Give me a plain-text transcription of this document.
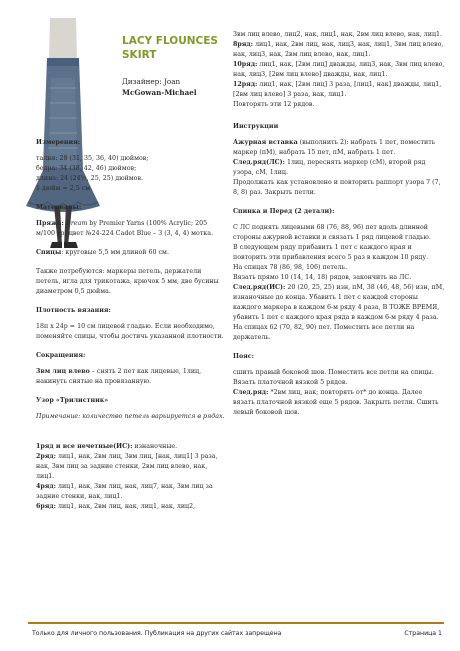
LACY FLOUNCES
SKIRT
Дизайнер: Joan
McGowan-Michael
Измерения:

талия: 28 (31, 35, 36, 40) дюймов;
бедра: 34 (38, 42, 46) дюймов;
длина: 24 (24½, 25, 25) дюймов.
1 дюйм = 2,5 см.

Материалы:

Пряжа: Dream by Premier Yarns (100% Acrylic; 205 м/100 гр) цвет №24-224 Cadet Blue – 3 (3, 4, 4) мотка.

Спицы: круговые 5,5 мм длиной 60 см.

Также потребуются: маркеры петель, держатели петель, игла для трикотажа, крючок 5 мм, две бусины диаметром 0,5 дюйма.

Плотность вязания:

18п х 24р = 10 см лицевой гладью. Если необходимо, поменяйте спицы, чтобы достичь указанной плотности.

Сокращения:

3вм лиц влево – снять 2 пет как лицевые, 1лиц, накинуть снятые на провязанную.

Узор «Трилистник»

Примечание: количество петель варьируется в рядах.

1ряд и все нечетные(ИС): изнаночные.

2ряд: лиц1, нак, 2вм лиц, 3вм лиц, [нак, лиц1] 3 раза, нак, 3вм лиц за задние стенки, 2вм лиц влево, нак, лиц1.

4ряд: лиц1, нак, 3вм лиц, нак, лиц7, нак, 3вм лиц за задние стенки, нак, лиц1.

6ряд: лиц1, нак, 2вм лиц, нак, лиц1, нак, лиц2,

3вм лиц влево, лиц2, нак, лиц1, нак, 2вм лиц влево, нак, лиц1.

8ряд: лиц1, нак, 2вм лиц, нак, лиц3, нак, лиц1, 3вм лиц влево, нак, лиц3, нак, 2вм лиц влево, нак, лиц1.

10ряд: лиц1, нак, [2вм лиц] дважды, лиц3, нак, 3вм лиц влево, нак, лиц3, [2вм лиц влево] дважды, нак, лиц1.

12ряд: лиц1, нак, [2вм лиц] 3 раза, [лиц1, нак] дважды, лиц1, [2вм лиц влево] 3 раза, нак, лиц1.

Повторять эти 12 рядов.

Инструкции

Ажурная вставка (выполнить 2): набрать 1 пет, поместить маркер (пМ), набрать 15 пет, пМ, набрать 1 пет.

След.ряд(ЛС): 1лиц, переснять маркер (сМ), второй ряд узора, сМ, 1лиц.

Продолжать как установлено и повторить раппорт узора 7 (7, 8, 8) раз. Закрыть петли.

Спинка и Перед (2 детали):

С ЛС поднять лицевыми 68 (76, 88, 96) пет вдоль длинной стороны ажурной вставки и связать 1 ряд лицевой гладью.
В следующем ряду прибавить 1 пет с каждого края и повторить эти прибавления всего 5 раз в каждом 10 ряду.
На спицах 78 (86, 98, 106) петель.
Вязать прямо 10 (14, 14, 18) рядов, закончить на ЛС.
След.ряд(ИС): 20 (20, 25, 25) изн, пМ, 38 (46, 48, 56) изн, пМ, изнаночные до конца. Убавить 1 пет с каждой стороны каждого маркера в каждом 6-м ряду 4 раза, В ТОЖЕ ВРЕМЯ, убавить 1 пет с каждого края ряда в каждом 6-м ряду 4 раза.
На спицах 62 (70, 82, 90) пет. Поместить все петли на держатель.

Пояс:

сшить правый боковой шов. Поместить все петли на спицы. Вязать платочной вязкой 5 рядов.
След.ряд: *2вм лиц, нак; повторять от* до конца. Далее вязать платочной вязкой еще 5 рядов. Закрыть петли. Сшить левый боковой шов.

Только для личного пользования. Публикация на других сайтах запрещена	Страница 1
